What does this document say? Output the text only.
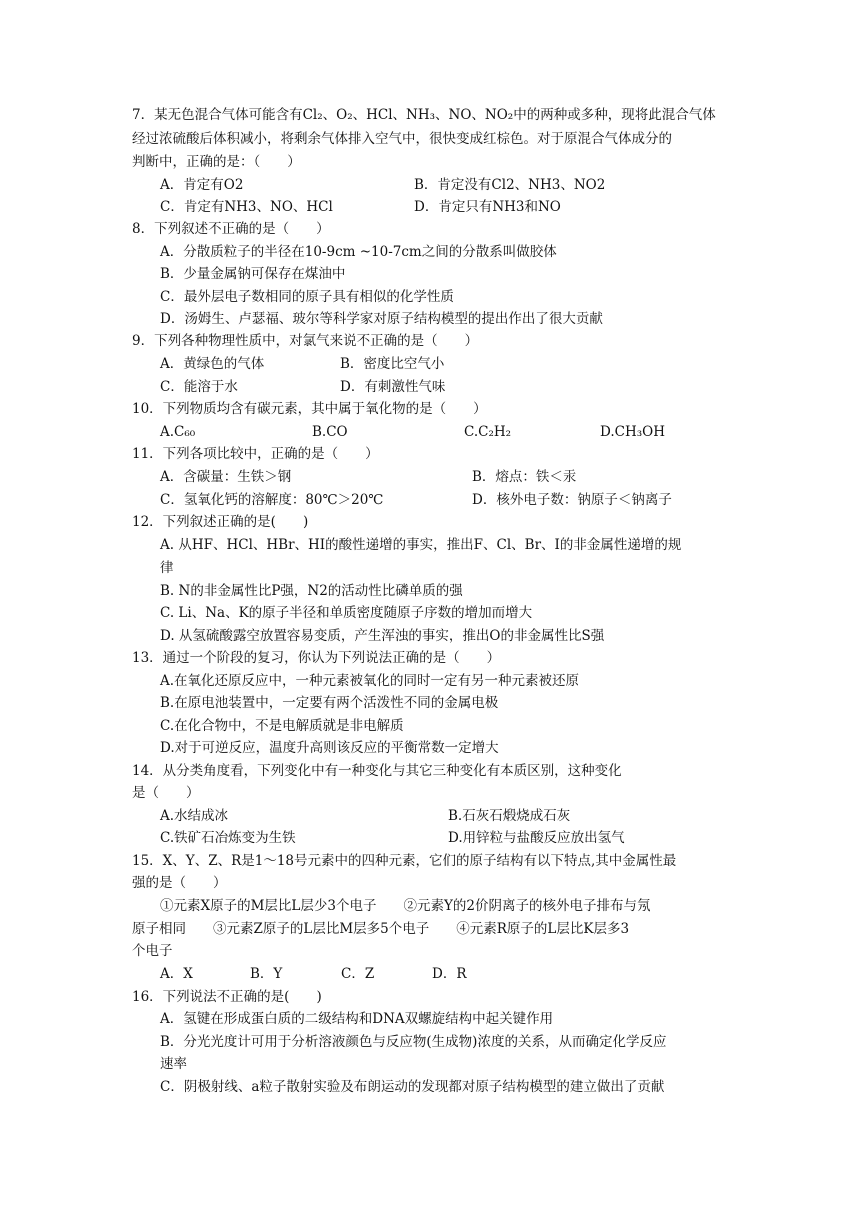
7．某无色混合气体可能含有Cl₂、O₂、HCl、NH₃、NO、NO₂中的两种或多种，现将此混合气体
经过浓硫酸后体积减小，将剩余气体排入空气中，很快变成红棕色。对于原混合气体成分的
判断中，正确的是：（　　）
A．肯定有O2	B．肯定没有Cl2、NH3、NO2
C．肯定有NH3、NO、HCl	D．肯定只有NH3和NO
8．下列叙述不正确的是（　　）
A．分散质粒子的半径在10-9cm ~10-7cm之间的分散系叫做胶体
B．少量金属钠可保存在煤油中
C．最外层电子数相同的原子具有相似的化学性质
D．汤姆生、卢瑟福、玻尔等科学家对原子结构模型的提出作出了很大贡献
9．下列各种物理性质中，对氯气来说不正确的是（　　）
A．黄绿色的气体	B．密度比空气小
C．能溶于水	D．有刺激性气味
10．下列物质均含有碳元素，其中属于氧化物的是（　　）
A.C₆₀	B.CO	C.C₂H₂	D.CH₃OH
11．下列各项比较中，正确的是（　　）
A．含碳量：生铁＞钢	B．熔点：铁＜汞
C．氢氧化钙的溶解度：80℃＞20℃	D．核外电子数：钠原子＜钠离子
12．下列叙述正确的是(　　)
A. 从HF、HCl、HBr、HI的酸性递增的事实，推出F、Cl、Br、I的非金属性递增的规
律
B. N的非金属性比P强，N2的活动性比磷单质的强
C. Li、Na、K的原子半径和单质密度随原子序数的增加而增大
D. 从氢硫酸露空放置容易变质，产生浑浊的事实，推出O的非金属性比S强
13．通过一个阶段的复习，你认为下列说法正确的是（　　）
A.在氧化还原反应中，一种元素被氧化的同时一定有另一种元素被还原
B.在原电池装置中，一定要有两个活泼性不同的金属电极
C.在化合物中，不是电解质就是非电解质
D.对于可逆反应，温度升高则该反应的平衡常数一定增大
14．从分类角度看，下列变化中有一种变化与其它三种变化有本质区别，这种变化
是（　　）
A.水结成冰	B.石灰石煅烧成石灰
C.铁矿石冶炼变为生铁	D.用锌粒与盐酸反应放出氢气
15．X、Y、Z、R是1～18号元素中的四种元素，它们的原子结构有以下特点,其中金属性最
强的是（　　）
①元素X原子的M层比L层少3个电子　　②元素Y的2价阴离子的核外电子排布与氖
原子相同　　③元素Z原子的L层比M层多5个电子　　④元素R原子的L层比K层多3
个电子
A．X	B．Y	C．Z	D．R
16．下列说法不正确的是(　　)
A．氢键在形成蛋白质的二级结构和DNA双螺旋结构中起关键作用
B．分光光度计可用于分析溶液颜色与反应物(生成物)浓度的关系，从而确定化学反应
速率
C．阴极射线、a粒子散射实验及布朗运动的发现都对原子结构模型的建立做出了贡献
